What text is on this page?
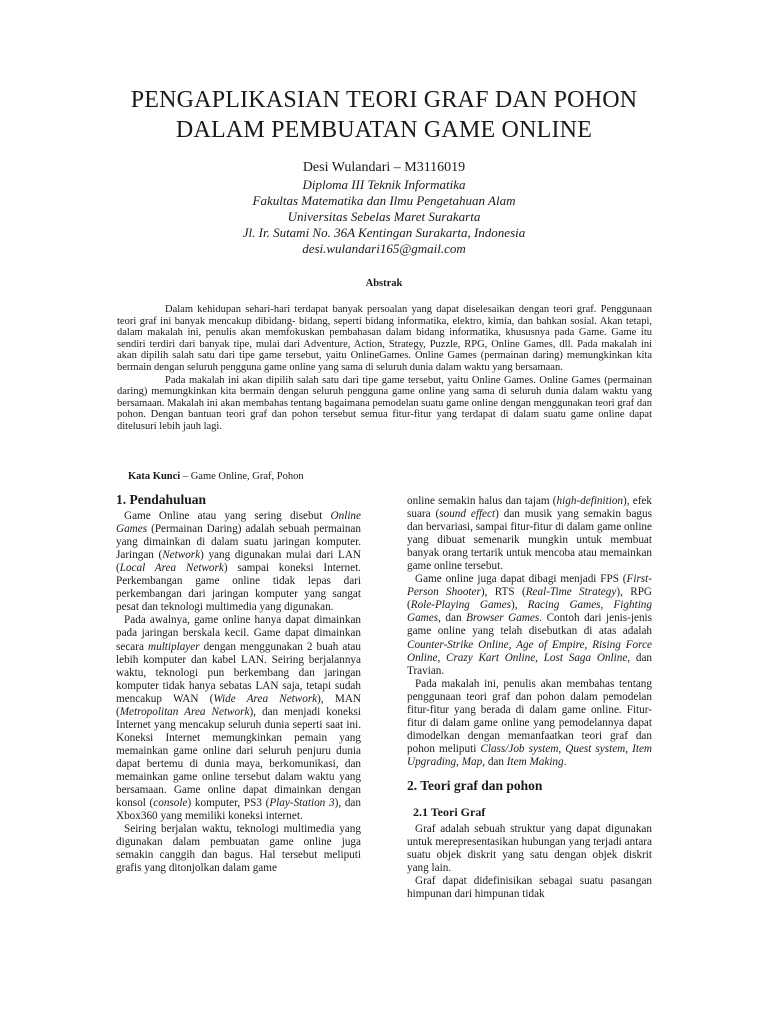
PENGAPLIKASIAN TEORI GRAF DAN POHON
DALAM PEMBUATAN GAME ONLINE
Desi Wulandari – M3116019
Diploma III Teknik Informatika
Fakultas Matematika dan Ilmu Pengetahuan Alam
Universitas Sebelas Maret Surakarta
Jl. Ir. Sutami No. 36A Kentingan Surakarta, Indonesia
desi.wulandari165@gmail.com
Abstrak

Dalam kehidupan sehari-hari terdapat banyak persoalan yang dapat diselesaikan dengan teori graf. Penggunaan teori graf ini banyak mencakup dibidang- bidang, seperti bidang informatika, elektro, kimia, dan bahkan sosial. Akan tetapi, dalam makalah ini, penulis akan memfokuskan pembahasan dalam bidang informatika, khususnya pada Game. Game itu sendiri terdiri dari banyak tipe, mulai dari Adventure, Action, Strategy, Puzzle, RPG, Online Games, dll. Pada makalah ini akan dipilih salah satu dari tipe game tersebut, yaitu OnlineGames. Online Games (permainan daring) memungkinkan kita bermain dengan seluruh pengguna game online yang sama di seluruh dunia dalam waktu yang bersamaan.

Pada makalah ini akan dipilih salah satu dari tipe game tersebut, yaitu Online Games. Online Games (permainan daring) memungkinkan kita bermain dengan seluruh pengguna game online yang sama di seluruh dunia dalam waktu yang bersamaan. Makalah ini akan membahas tentang bagaimana pemodelan suatu game online dengan menggunakan teori graf dan pohon. Dengan bantuan teori graf dan pohon tersebut semua fitur-fitur yang terdapat di dalam suatu game online dapat ditelusuri lebih jauh lagi.

Kata Kunci – Game Online, Graf, Pohon
1. Pendahuluan

Game Online atau yang sering disebut Online Games (Permainan Daring) adalah sebuah permainan yang dimainkan di dalam suatu jaringan komputer. Jaringan (Network) yang digunakan mulai dari LAN (Local Area Network) sampai koneksi Internet. Perkembangan game online tidak lepas dari perkembangan dari jaringan komputer yang sangat pesat dan teknologi multimedia yang digunakan.

Pada awalnya, game online hanya dapat dimainkan pada jaringan berskala kecil. Game dapat dimainkan secara multiplayer dengan menggunakan 2 buah atau lebih komputer dan kabel LAN. Seiring berjalannya waktu, teknologi pun berkembang dan jaringan komputer tidak hanya sebatas LAN saja, tetapi sudah mencakup WAN (Wide Area Network), MAN (Metropolitan Area Network), dan menjadi koneksi Internet yang mencakup seluruh dunia seperti saat ini. Koneksi Internet memungkinkan pemain yang memainkan game online dari seluruh penjuru dunia dapat bertemu di dunia maya, berkomunikasi, dan memainkan game online tersebut dalam waktu yang bersamaan. Game online dapat dimainkan dengan konsol (console) komputer, PS3 (Play-Station 3), dan Xbox360 yang memiliki koneksi internet.

Seiring berjalan waktu, teknologi multimedia yang digunakan dalam pembuatan game online juga semakin canggih dan bagus. Hal tersebut meliputi grafis yang ditonjolkan dalam game

online semakin halus dan tajam (high-definition), efek suara (sound effect) dan musik yang semakin bagus dan bervariasi, sampai fitur-fitur di dalam game online yang dibuat semenarik mungkin untuk membuat banyak orang tertarik untuk mencoba atau memainkan game online tersebut.

Game online juga dapat dibagi menjadi FPS (First-Person Shooter), RTS (Real-Time Strategy), RPG (Role-Playing Games), Racing Games, Fighting Games, dan Browser Games. Contoh dari jenis-jenis game online yang telah disebutkan di atas adalah Counter-Strike Online, Age of Empire, Rising Force Online, Crazy Kart Online, Lost Saga Online, dan Travian.

Pada makalah ini, penulis akan membahas tentang penggunaan teori graf dan pohon dalam pemodelan fitur-fitur yang berada di dalam game online. Fitur-fitur di dalam game online yang pemodelannya dapat dimodelkan dengan memanfaatkan teori graf dan pohon meliputi Class/Job system, Quest system, Item Upgrading, Map, dan Item Making.

2. Teori graf dan pohon
2.1 Teori Graf

Graf adalah sebuah struktur yang dapat digunakan untuk merepresentasikan hubungan yang terjadi antara suatu objek diskrit yang satu dengan objek diskrit yang lain.

Graf dapat didefinisikan sebagai suatu pasangan himpunan dari himpunan tidak
